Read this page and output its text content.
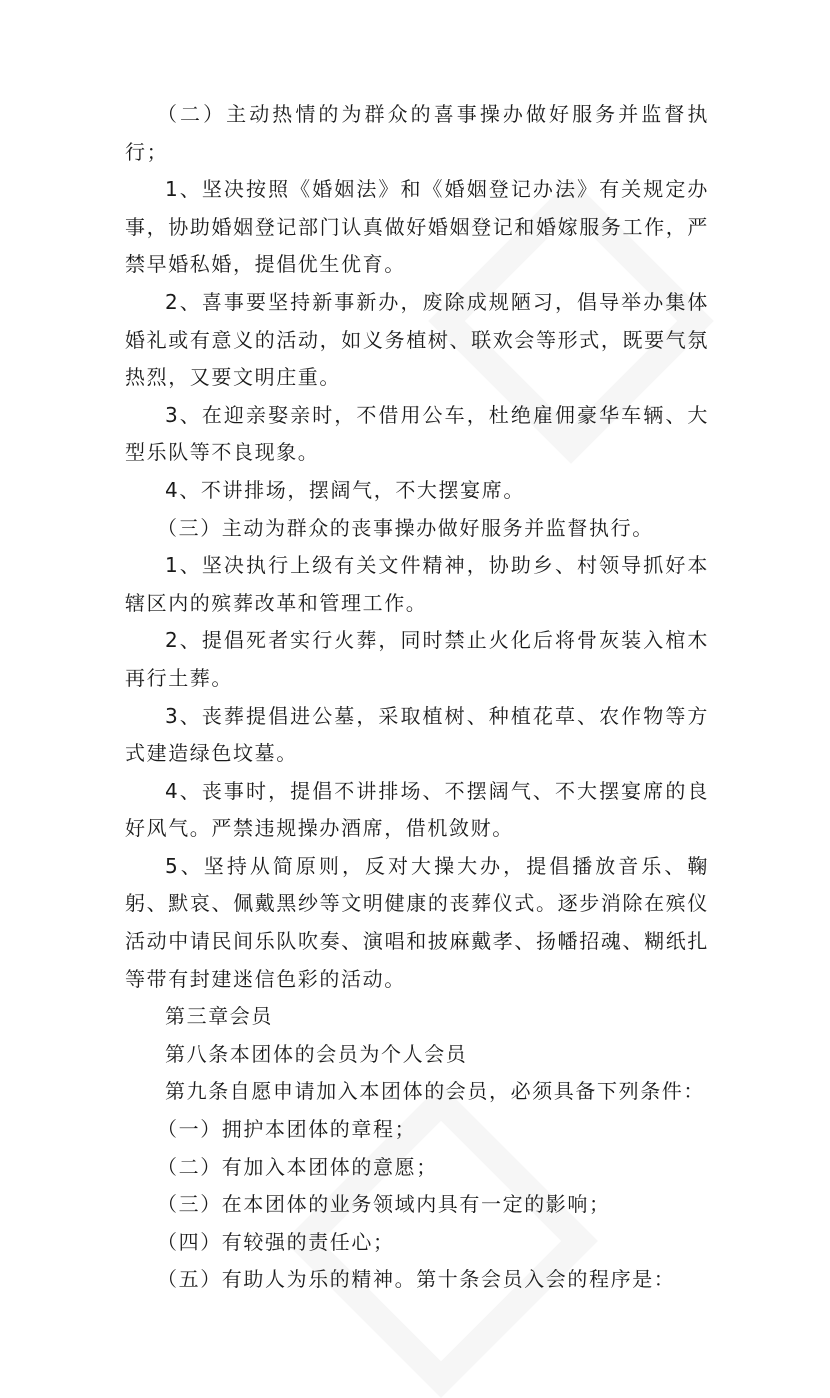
（二）主动热情的为群众的喜事操办做好服务并监督执行；

1、坚决按照《婚姻法》和《婚姻登记办法》有关规定办事，协助婚姻登记部门认真做好婚姻登记和婚嫁服务工作，严禁早婚私婚，提倡优生优育。

2、喜事要坚持新事新办，废除成规陋习，倡导举办集体婚礼或有意义的活动，如义务植树、联欢会等形式，既要气氛热烈，又要文明庄重。

3、在迎亲娶亲时，不借用公车，杜绝雇佣豪华车辆、大型乐队等不良现象。

4、不讲排场，摆阔气，不大摆宴席。

（三）主动为群众的丧事操办做好服务并监督执行。

1、坚决执行上级有关文件精神，协助乡、村领导抓好本辖区内的殡葬改革和管理工作。

2、提倡死者实行火葬，同时禁止火化后将骨灰装入棺木再行土葬。

3、丧葬提倡进公墓，采取植树、种植花草、农作物等方式建造绿色坟墓。

4、丧事时，提倡不讲排场、不摆阔气、不大摆宴席的良好风气。严禁违规操办酒席，借机敛财。

5、坚持从简原则，反对大操大办，提倡播放音乐、鞠躬、默哀、佩戴黑纱等文明健康的丧葬仪式。逐步消除在殡仪活动中请民间乐队吹奏、演唱和披麻戴孝、扬幡招魂、糊纸扎等带有封建迷信色彩的活动。

第三章会员

第八条本团体的会员为个人会员

第九条自愿申请加入本团体的会员，必须具备下列条件：

（一）拥护本团体的章程；

（二）有加入本团体的意愿；

（三）在本团体的业务领域内具有一定的影响；

（四）有较强的责任心；

（五）有助人为乐的精神。第十条会员入会的程序是：
